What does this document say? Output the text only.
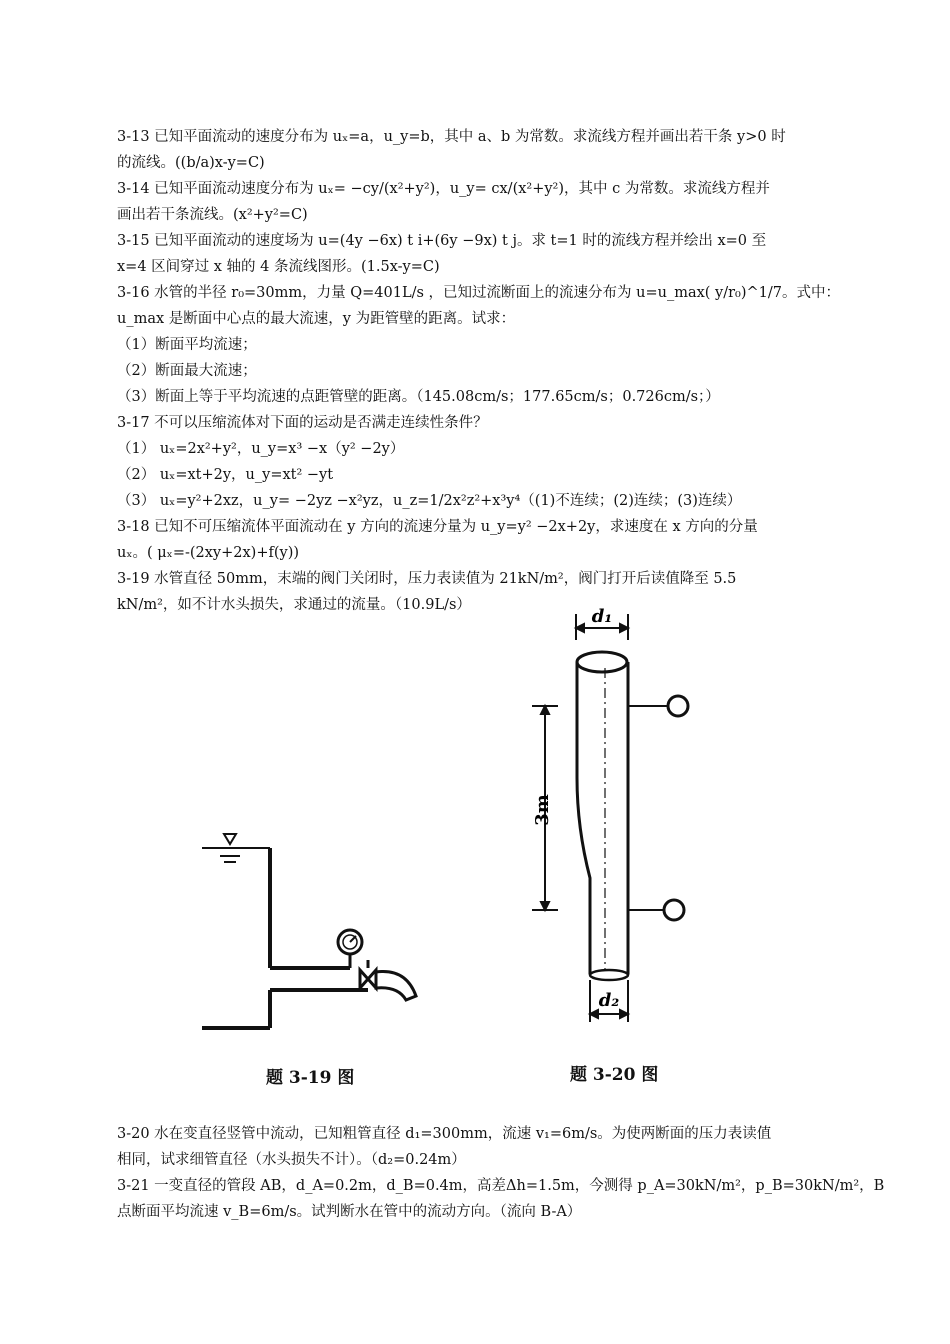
3-13 已知平面流动的速度分布为 uₓ=a，u_y=b，其中 a、b 为常数。求流线方程并画出若干条 y>0 时

的流线。((b/a)x-y=C)

3-14 已知平面流动速度分布为 uₓ= −cy/(x²+y²)，u_y= cx/(x²+y²)，其中 c 为常数。求流线方程并

画出若干条流线。(x²+y²=C)

3-15 已知平面流动的速度场为 u=(4y −6x) t i+(6y −9x) t j。求 t=1 时的流线方程并绘出 x=0 至

x=4 区间穿过 x 轴的 4 条流线图形。(1.5x-y=C)

3-16 水管的半径 r₀=30mm，力量 Q=401L/s ，已知过流断面上的流速分布为 u=u_max( y/r₀)^1/7。式中：

u_max 是断面中心点的最大流速，y 为距管壁的距离。试求：

（1）断面平均流速；

（2）断面最大流速；

（3）断面上等于平均流速的点距管壁的距离。（145.08cm/s；177.65cm/s；0.726cm/s；）

3-17 不可以压缩流体对下面的运动是否满走连续性条件？

（1） uₓ=2x²+y²，u_y=x³ −x（y² −2y）

（2） uₓ=xt+2y，u_y=xt² −yt

（3） uₓ=y²+2xz，u_y= −2yz −x²yz，u_z=1/2x²z²+x³y⁴（(1)不连续；(2)连续；(3)连续）

3-18 已知不可压缩流体平面流动在 y 方向的流速分量为 u_y=y² −2x+2y，求速度在 x 方向的分量

uₓ。( μₓ=-(2xy+2x)+f(y))

3-19 水管直径 50mm，末端的阀门关闭时，压力表读值为 21kN/m²，阀门打开后读值降至 5.5

kN/m²，如不计水头损失，求通过的流量。（10.9L/s）

题 3-19 图
d₁
3m
d₂
题 3-20 图

3-20 水在变直径竖管中流动，已知粗管直径 d₁=300mm，流速 v₁=6m/s。为使两断面的压力表读值

相同，试求细管直径（水头损失不计）。（d₂=0.24m）

3-21 一变直径的管段 AB，d_A=0.2m，d_B=0.4m，高差Δh=1.5m，今测得 p_A=30kN/m²，p_B=30kN/m²，B

点断面平均流速 v_B=6m/s。试判断水在管中的流动方向。（流向 B-A）
